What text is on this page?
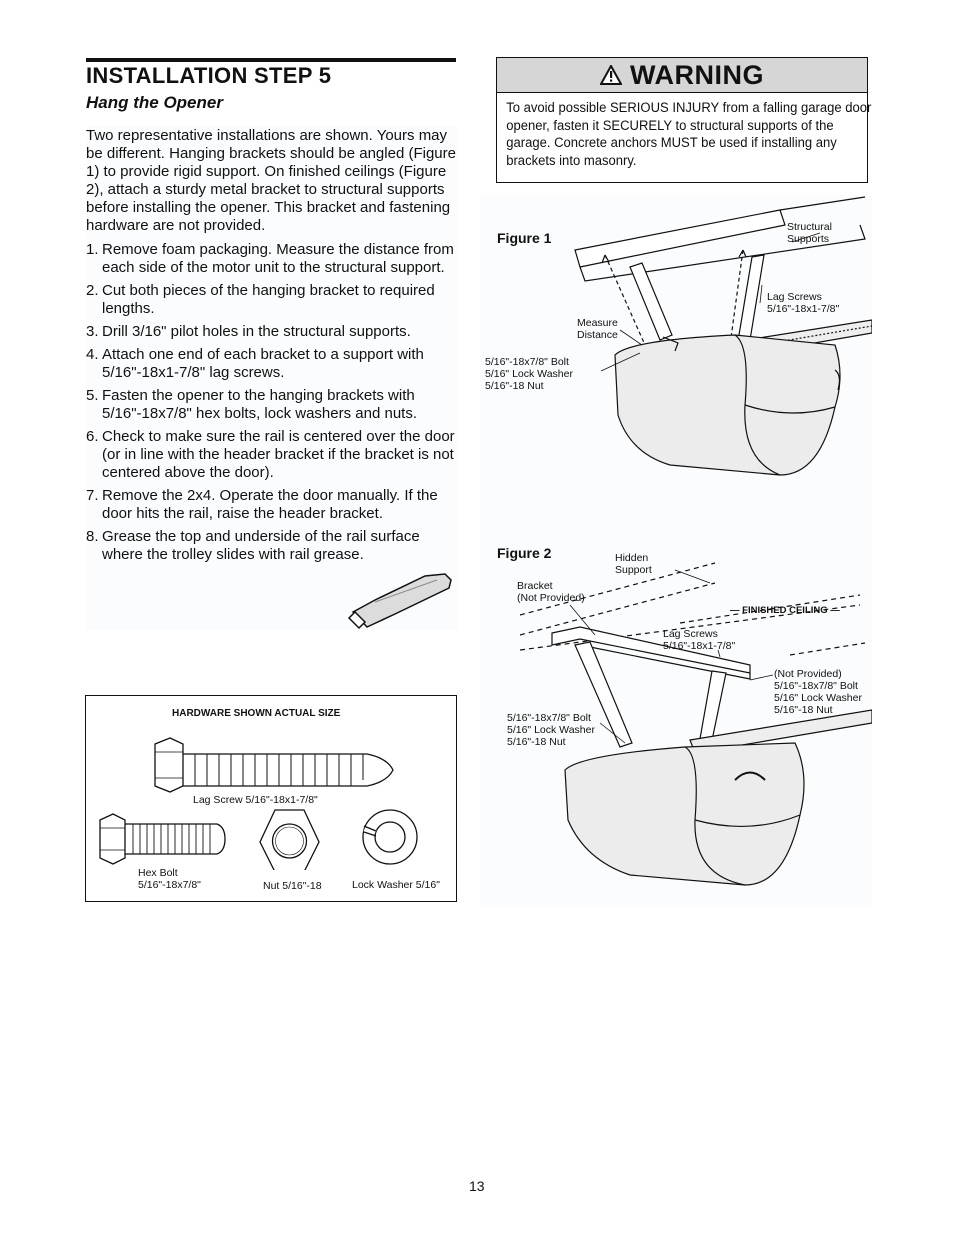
INSTALLATION STEP 5
Hang the Opener

Two representative installations are shown. Yours may be different. Hanging brackets should be angled (Figure 1) to provide rigid support. On finished ceilings (Figure 2), attach a sturdy metal bracket to structural supports before installing the opener. This bracket and fastening hardware are not provided.

1. Remove foam packaging. Measure the distance from each side of the motor unit to the structural support.
2. Cut both pieces of the hanging bracket to required lengths.
3. Drill 3/16" pilot holes in the structural supports.
4. Attach one end of each bracket to a support with 5/16"-18x1-7/8" lag screws.
5. Fasten the opener to the hanging brackets with 5/16"-18x7/8" hex bolts, lock washers and nuts.
6. Check to make sure the rail is centered over the door (or in line with the header bracket if the bracket is not centered above the door).
7. Remove the 2x4. Operate the door manually. If the door hits the rail, raise the header bracket.
8. Grease the top and underside of the rail surface where the trolley slides with rail grease.
WARNING
To avoid possible SERIOUS INJURY from a falling garage door opener, fasten it SECURELY to structural supports of the garage. Concrete anchors MUST be used if installing any brackets into masonry.
Figure 1
Structural
Supports
Lag Screws
5/16"-18x1-7/8"
Measure
Distance
5/16"-18x7/8" Bolt
5/16" Lock Washer
5/16"-18 Nut
Figure 2	Hidden
Support
Bracket
(Not Provided)
— FINISHED CEILING —
Lag Screws
5/16"-18x1-7/8"
(Not Provided)
5/16"-18x7/8" Bolt
5/16" Lock Washer
5/16"-18 Nut
5/16"-18x7/8" Bolt
5/16" Lock Washer
5/16"-18 Nut
HARDWARE SHOWN ACTUAL SIZE
Lag Screw 5/16"-18x1-7/8"
Hex Bolt
5/16"-18x7/8"	Nut 5/16"-18	Lock Washer 5/16"
13
